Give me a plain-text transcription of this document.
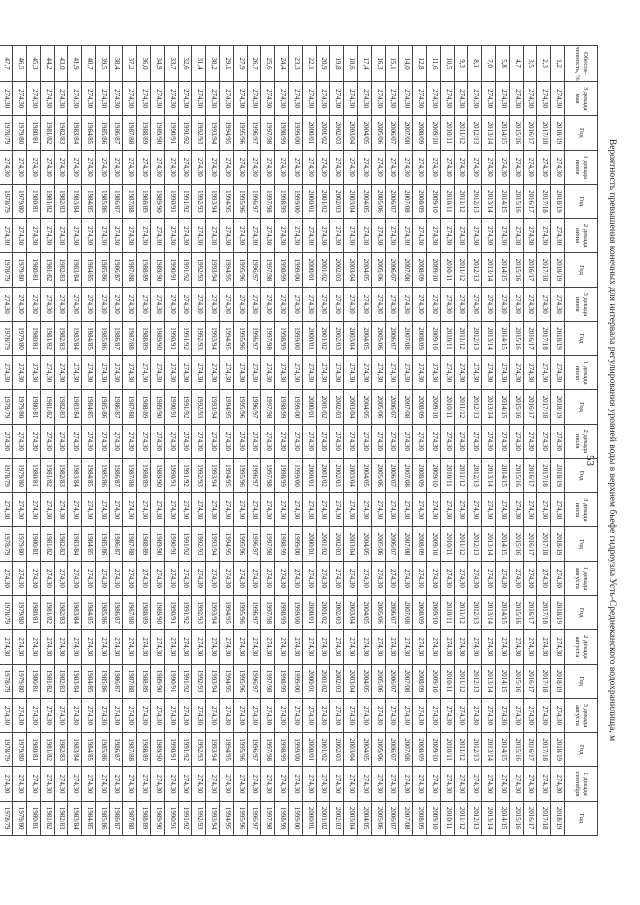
53	Вероятность превышения конечных для интервала регулирования уровней воды в верхнем бьефе гидроузла Усть-Среднеканского водохранилища, м
Обеспе-ченность, %	3 декада мая	Год	1 декада июня	Год	2 декада июня	Год	3 декада июня	Год	1 декада июля	Год	2 декада июля	Год	3 декада июля	Год	1 декада августа	Год	2 декада августа	Год	3 декада августа	Год	1 декада сентября	Год
1,2	274,30	2018/19	274,30	2018/19	274,30	2018/19	274,30	2018/19	274,30	2018/19	274,30	2018/19	274,30	2018/19	274,30	2018/19	274,30	2018/19	274,30	2018/19	274,30	2018/19
2,3	274,30	2017/18	274,30	2017/18	274,30	2017/18	274,30	2017/18	274,30	2017/18	274,30	2017/18	274,30	2017/18	274,30	2017/18	274,30	2017/18	274,30	2017/18	274,30	2017/18
3,5	274,30	2016/17	274,30	2016/17	274,30	2016/17	274,30	2016/17	274,30	2016/17	274,30	2016/17	274,30	2016/17	274,30	2016/17	274,30	2016/17	274,30	2016/17	274,30	2016/17
4,7	274,30	2015/16	274,30	2015/16	274,30	2015/16	274,30	2015/16	274,30	2015/16	274,30	2015/16	274,30	2015/16	274,30	2015/16	274,30	2015/16	274,30	2015/16	274,30	2015/16
5,8	274,30	2014/15	274,30	2014/15	274,30	2014/15	274,30	2014/15	274,30	2014/15	274,30	2014/15	274,30	2014/15	274,30	2014/15	274,30	2014/15	274,30	2014/15	274,30	2014/15
7,0	274,30	2013/14	274,30	2013/14	274,30	2013/14	274,30	2013/14	274,30	2013/14	274,30	2013/14	274,30	2013/14	274,30	2013/14	274,30	2013/14	274,30	2013/14	274,30	2013/14
8,1	274,30	2012/13	274,30	2012/13	274,30	2012/13	274,30	2012/13	274,30	2012/13	274,30	2012/13	274,30	2012/13	274,30	2012/13	274,30	2012/13	274,30	2012/13	274,30	2012/13
9,3	274,30	2011/12	274,30	2011/12	274,30	2011/12	274,30	2011/12	274,30	2011/12	274,30	2011/12	274,30	2011/12	274,30	2011/12	274,30	2011/12	274,30	2011/12	274,30	2011/12
10,5	274,30	2010/11	274,30	2010/11	274,30	2010/11	274,30	2010/11	274,30	2010/11	274,30	2010/11	274,30	2010/11	274,30	2010/11	274,30	2010/11	274,30	2010/11	274,30	2010/11
11,6	274,30	2009/10	274,30	2009/10	274,30	2009/10	274,30	2009/10	274,30	2009/10	274,30	2009/10	274,30	2009/10	274,30	2009/10	274,30	2009/10	274,30	2009/10	274,30	2009/10
12,8	274,30	2008/09	274,30	2008/09	274,30	2008/09	274,30	2008/09	274,30	2008/09	274,30	2008/09	274,30	2008/09	274,30	2008/09	274,30	2008/09	274,30	2008/09	274,30	2008/09
14,0	274,30	2007/08	274,30	2007/08	274,30	2007/08	274,30	2007/08	274,30	2007/08	274,30	2007/08	274,30	2007/08	274,30	2007/08	274,30	2007/08	274,30	2007/08	274,30	2007/08
15,1	274,30	2006/07	274,30	2006/07	274,30	2006/07	274,30	2006/07	274,30	2006/07	274,30	2006/07	274,30	2006/07	274,30	2006/07	274,30	2006/07	274,30	2006/07	274,30	2006/07
16,3	274,30	2005/06	274,30	2005/06	274,30	2005/06	274,30	2005/06	274,30	2005/06	274,30	2005/06	274,30	2005/06	274,30	2005/06	274,30	2005/06	274,30	2005/06	274,30	2005/06
17,4	274,30	2004/05	274,30	2004/05	274,30	2004/05	274,30	2004/05	274,30	2004/05	274,30	2004/05	274,30	2004/05	274,30	2004/05	274,30	2004/05	274,30	2004/05	274,30	2004/05
18,6	274,30	2003/04	274,30	2003/04	274,30	2003/04	274,30	2003/04	274,30	2003/04	274,30	2003/04	274,30	2003/04	274,30	2003/04	274,30	2003/04	274,30	2003/04	274,30	2003/04
19,8	274,30	2002/03	274,30	2002/03	274,30	2002/03	274,30	2002/03	274,30	2002/03	274,30	2002/03	274,30	2002/03	274,30	2002/03	274,30	2002/03	274,30	2002/03	274,30	2002/03
20,9	274,30	2001/02	274,30	2001/02	274,30	2001/02	274,30	2001/02	274,30	2001/02	274,30	2001/02	274,30	2001/02	274,30	2001/02	274,30	2001/02	274,30	2001/02	274,30	2001/02
22,1	274,30	2000/01	274,30	2000/01	274,30	2000/01	274,30	2000/01	274,30	2000/01	274,30	2000/01	274,30	2000/01	274,30	2000/01	274,30	2000/01	274,30	2000/01	274,30	2000/01
23,3	274,30	1999/00	274,30	1999/00	274,30	1999/00	274,30	1999/00	274,30	1999/00	274,30	1999/00	274,30	1999/00	274,30	1999/00	274,30	1999/00	274,30	1999/00	274,30	1999/00
24,4	274,30	1998/99	274,30	1998/99	274,30	1998/99	274,30	1998/99	274,30	1998/99	274,30	1998/99	274,30	1998/99	274,30	1998/99	274,30	1998/99	274,30	1998/99	274,30	1998/99
25,6	274,30	1997/98	274,30	1997/98	274,30	1997/98	274,30	1997/98	274,30	1997/98	274,30	1997/98	274,30	1997/98	274,30	1997/98	274,30	1997/98	274,30	1997/98	274,30	1997/98
26,7	274,30	1996/97	274,30	1996/97	274,30	1996/97	274,30	1996/97	274,30	1996/97	274,30	1996/97	274,30	1996/97	274,30	1996/97	274,30	1996/97	274,30	1996/97	274,30	1996/97
27,9	274,30	1995/96	274,30	1995/96	274,30	1995/96	274,30	1995/96	274,30	1995/96	274,30	1995/96	274,30	1995/96	274,30	1995/96	274,30	1995/96	274,30	1995/96	274,30	1995/96
29,1	274,30	1994/95	274,30	1994/95	274,30	1994/95	274,30	1994/95	274,30	1994/95	274,30	1994/95	274,30	1994/95	274,30	1994/95	274,30	1994/95	274,30	1994/95	274,30	1994/95
30,2	274,30	1993/94	274,30	1993/94	274,30	1993/94	274,30	1993/94	274,30	1993/94	274,30	1993/94	274,30	1993/94	274,30	1993/94	274,30	1993/94	274,30	1993/94	274,30	1993/94
31,4	274,30	1992/93	274,30	1992/93	274,30	1992/93	274,30	1992/93	274,30	1992/93	274,30	1992/93	274,30	1992/93	274,30	1992/93	274,30	1992/93	274,30	1992/93	274,30	1992/93
32,6	274,30	1991/92	274,30	1991/92	274,30	1991/92	274,30	1991/92	274,30	1991/92	274,30	1991/92	274,30	1991/92	274,30	1991/92	274,30	1991/92	274,30	1991/92	274,30	1991/92
33,7	274,30	1990/91	274,30	1990/91	274,30	1990/91	274,30	1990/91	274,30	1990/91	274,30	1990/91	274,30	1990/91	274,30	1990/91	274,30	1990/91	274,30	1990/91	274,30	1990/91
34,9	274,30	1989/90	274,30	1989/90	274,30	1989/90	274,30	1989/90	274,30	1989/90	274,30	1989/90	274,30	1989/90	274,30	1989/90	274,30	1989/90	274,30	1989/90	274,30	1989/90
36,0	274,30	1988/89	274,30	1988/89	274,30	1988/89	274,30	1988/89	274,30	1988/89	274,30	1988/89	274,30	1988/89	274,30	1988/89	274,30	1988/89	274,30	1988/89	274,30	1988/89
37,2	274,30	1987/88	274,30	1987/88	274,30	1987/88	274,30	1987/88	274,30	1987/88	274,30	1987/88	274,30	1987/88	274,30	1987/88	274,30	1987/88	274,30	1987/88	274,30	1987/88
38,4	274,30	1986/87	274,30	1986/87	274,30	1986/87	274,30	1986/87	274,30	1986/87	274,30	1986/87	274,30	1986/87	274,30	1986/87	274,30	1986/87	274,30	1986/87	274,30	1986/87
39,5	274,30	1985/86	274,30	1985/86	274,30	1985/86	274,30	1985/86	274,30	1985/86	274,30	1985/86	274,30	1985/86	274,30	1985/86	274,30	1985/86	274,30	1985/86	274,30	1985/86
40,7	274,30	1984/85	274,30	1984/85	274,30	1984/85	274,30	1984/85	274,30	1984/85	274,30	1984/85	274,30	1984/85	274,30	1984/85	274,30	1984/85	274,30	1984/85	274,30	1984/85
41,9	274,30	1983/84	274,30	1983/84	274,30	1983/84	274,30	1983/84	274,30	1983/84	274,30	1983/84	274,30	1983/84	274,30	1983/84	274,30	1983/84	274,30	1983/84	274,30	1983/84
43,0	274,30	1982/83	274,30	1982/83	274,30	1982/83	274,30	1982/83	274,30	1982/83	274,30	1982/83	274,30	1982/83	274,30	1982/83	274,30	1982/83	274,30	1982/83	274,30	1982/83
44,2	274,30	1981/82	274,30	1981/82	274,30	1981/82	274,30	1981/82	274,30	1981/82	274,30	1981/82	274,30	1981/82	274,30	1981/82	274,30	1981/82	274,30	1981/82	274,30	1981/82
45,3	274,30	1980/81	274,30	1980/81	274,30	1980/81	274,30	1980/81	274,30	1980/81	274,30	1980/81	274,30	1980/81	274,30	1980/81	274,30	1980/81	274,30	1980/81	274,30	1980/81
46,5	274,30	1979/80	274,30	1979/80	274,30	1979/80	274,30	1979/80	274,30	1979/80	274,30	1979/80	274,30	1979/80	274,30	1979/80	274,30	1979/80	274,30	1979/80	274,30	1979/80
47,7	274,30	1978/79	274,30	1978/79	274,30	1978/79	274,30	1978/79	274,30	1978/79	274,30	1978/79	274,30	1978/79	274,30	1978/79	274,30	1978/79	274,30	1978/79	274,30	1978/79
